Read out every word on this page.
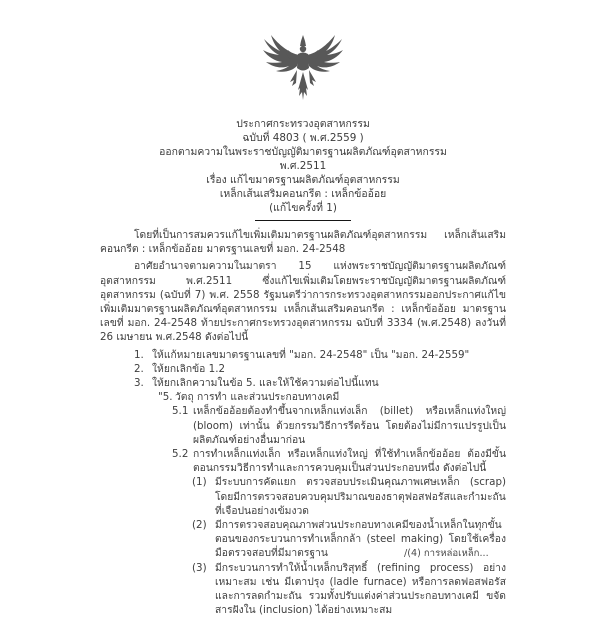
ประกาศกระทรวงอุตสาหกรรม
ฉบับที่ 4803 ( พ.ศ.2559 )
ออกตามความในพระราชบัญญัติมาตรฐานผลิตภัณฑ์อุตสาหกรรม
พ.ศ.2511
เรื่อง แก้ไขมาตรฐานผลิตภัณฑ์อุตสาหกรรม
เหล็กเส้นเสริมคอนกรีต : เหล็กข้ออ้อย
(แก้ไขครั้งที่ 1)

โดยที่เป็นการสมควรแก้ไขเพิ่มเติมมาตรฐานผลิตภัณฑ์อุตสาหกรรม เหล็กเส้นเสริมคอนกรีต : เหล็กข้ออ้อย มาตรฐานเลขที่ มอก. 24-2548

อาศัยอำนาจตามความในมาตรา 15 แห่งพระราชบัญญัติมาตรฐานผลิตภัณฑ์อุตสาหกรรม พ.ศ.2511 ซึ่งแก้ไขเพิ่มเติมโดยพระราชบัญญัติมาตรฐานผลิตภัณฑ์อุตสาหกรรม (ฉบับที่ 7) พ.ศ. 2558 รัฐมนตรีว่าการกระทรวงอุตสาหกรรมออกประกาศแก้ไขเพิ่มเติมมาตรฐานผลิตภัณฑ์อุตสาหกรรม เหล็กเส้นเสริมคอนกรีต : เหล็กข้ออ้อย มาตรฐานเลขที่ มอก. 24-2548 ท้ายประกาศกระทรวงอุตสาหกรรม ฉบับที่ 3334 (พ.ศ.2548) ลงวันที่ 26 เมษายน พ.ศ.2548 ดังต่อไปนี้

1. ให้แก้หมายเลขมาตรฐานเลขที่ "มอก. 24-2548" เป็น "มอก. 24-2559"
2. ให้ยกเลิกข้อ 1.2
3. ให้ยกเลิกความในข้อ 5. และให้ใช้ความต่อไปนี้แทน
"5. วัตถุ การทำ และส่วนประกอบทางเคมี
5.1 เหล็กข้ออ้อยต้องทำขึ้นจากเหล็กแท่งเล็ก (billet) หรือเหล็กแท่งใหญ่ (bloom) เท่านั้น ด้วยกรรมวิธีการรีดร้อน โดยต้องไม่มีการแปรรูปเป็นผลิตภัณฑ์อย่างอื่นมาก่อน
5.2 การทำเหล็กแท่งเล็ก หรือเหล็กแท่งใหญ่ ที่ใช้ทำเหล็กข้ออ้อย ต้องมีขั้นตอนกรรมวิธีการทำและการควบคุมเป็นส่วนประกอบหนึ่ง ดังต่อไปนี้
(1) มีระบบการคัดแยก ตรวจสอบประเมินคุณภาพเศษเหล็ก (scrap) โดยมีการตรวจสอบควบคุมปริมาณของธาตุฟอสฟอรัสและกำมะถันที่เจือปนอย่างเข้มงวด
(2) มีการตรวจสอบคุณภาพส่วนประกอบทางเคมีของน้ำเหล็กในทุกขั้นตอนของกระบวนการทำเหล็กกล้า (steel making) โดยใช้เครื่องมือตรวจสอบที่มีมาตรฐาน
(3) มีกระบวนการทำให้น้ำเหล็กบริสุทธิ์ (refining process) อย่างเหมาะสม เช่น มีเตาปรุง (ladle furnace) หรือการลดฟอสฟอรัส และการลดกำมะถัน รวมทั้งปรับแต่งค่าส่วนประกอบทางเคมี ขจัดสารฝังใน (inclusion) ได้อย่างเหมาะสม
/(4) การหล่อเหล็ก...
